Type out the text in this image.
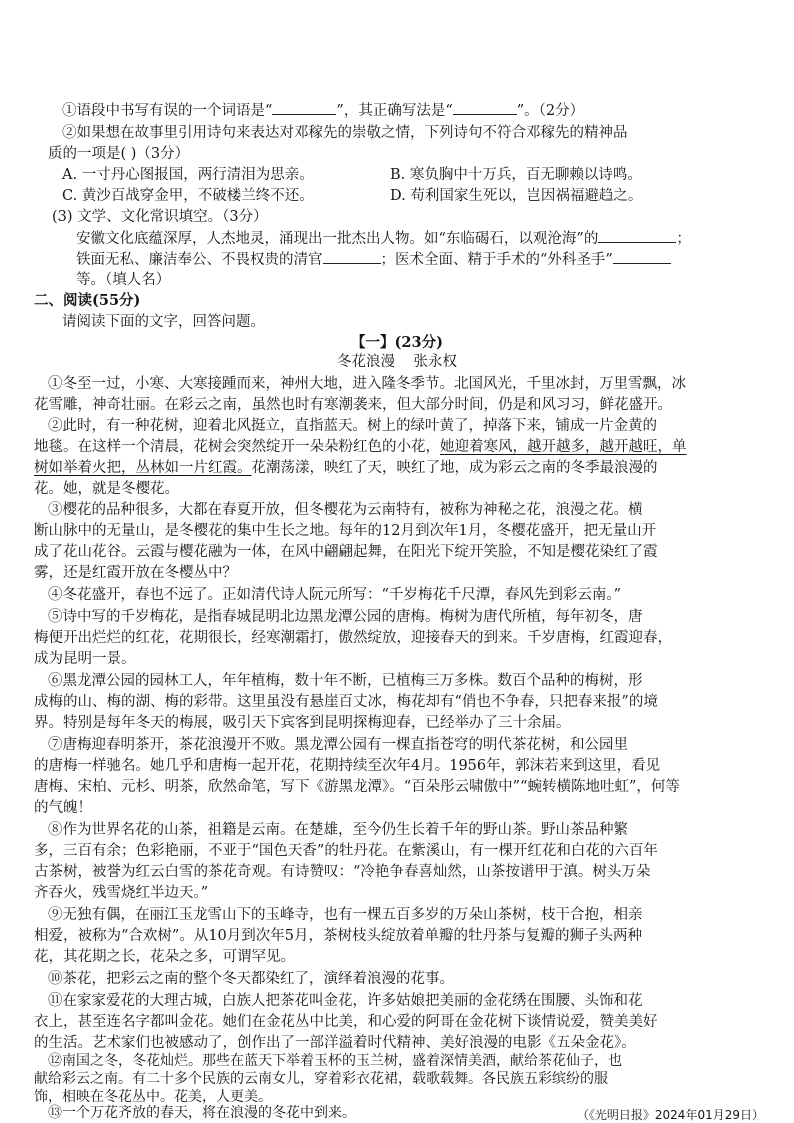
①语段中书写有误的一个词语是“	”，其正确写法是“	”。（2分）
②如果想在故事里引用诗句来表达对邓稼先的崇敬之情，下列诗句不符合邓稼先的精神品
质的一项是( )（3分）
A. 一寸丹心图报国，两行清泪为思亲。	B. 寒负胸中十万兵，百无聊赖以诗鸣。
C. 黄沙百战穿金甲，不破楼兰终不还。	D. 苟利国家生死以，岂因祸福避趋之。
(3) 文学、文化常识填空。（3分）
安徽文化底蕴深厚，人杰地灵，涌现出一批杰出人物。如“东临碣石，以观沧海”的	；
铁面无私、廉洁奉公、不畏权贵的清官	；医术全面、精于手术的“外科圣手”
等。（填人名）
二、阅读(55分)
请阅读下面的文字，回答问题。
【一】(23分)
冬花浪漫 张永权
①冬至一过，小寒、大寒接踵而来，神州大地，进入隆冬季节。北国风光，千里冰封，万里雪飘，冰
花雪雕，神奇壮丽。在彩云之南，虽然也时有寒潮袭来，但大部分时间，仍是和风习习，鲜花盛开。
②此时，有一种花树，迎着北风挺立，直指蓝天。树上的绿叶黄了，掉落下来，铺成一片金黄的
地毯。在这样一个清晨，花树会突然绽开一朵朵粉红色的小花，她迎着寒风，越开越多，越开越旺，单
树如举着火把，丛林如一片红霞。花潮荡漾，映红了天，映红了地，成为彩云之南的冬季最浪漫的
花。她，就是冬樱花。
③樱花的品种很多，大都在春夏开放，但冬樱花为云南特有，被称为神秘之花，浪漫之花。横
断山脉中的无量山，是冬樱花的集中生长之地。每年的12月到次年1月，冬樱花盛开，把无量山开
成了花山花谷。云霞与樱花融为一体，在风中翩翩起舞，在阳光下绽开笑脸，不知是樱花染红了霞
雾，还是红霞开放在冬樱丛中？
④冬花盛开，春也不远了。正如清代诗人阮元所写：“千岁梅花千尺潭，春风先到彩云南。”
⑤诗中写的千岁梅花，是指春城昆明北边黑龙潭公园的唐梅。梅树为唐代所植，每年初冬，唐
梅便开出烂烂的红花，花期很长，经寒潮霜打，傲然绽放，迎接春天的到来。千岁唐梅，红霞迎春，
成为昆明一景。
⑥黑龙潭公园的园林工人，年年植梅，数十年不断，已植梅三万多株。数百个品种的梅树，形
成梅的山、梅的湖、梅的彩带。这里虽没有悬崖百丈冰，梅花却有“俏也不争春，只把春来报”的境
界。特别是每年冬天的梅展，吸引天下宾客到昆明探梅迎春，已经举办了三十余届。
⑦唐梅迎春明茶开，茶花浪漫开不败。黑龙潭公园有一棵直指苍穹的明代茶花树，和公园里
的唐梅一样驰名。她几乎和唐梅一起开花，花期持续至次年4月。1956年，郭沫若来到这里，看见
唐梅、宋柏、元杉、明茶，欣然命笔，写下《游黑龙潭》。“百朵彤云啸傲中”“蜿转横陈地吐虹”，何等
的气魄！
⑧作为世界名花的山茶，祖籍是云南。在楚雄，至今仍生长着千年的野山茶。野山茶品种繁
多，三百有余；色彩艳丽，不亚于“国色天香”的牡丹花。在紫溪山，有一棵开红花和白花的六百年
古茶树，被誉为红云白雪的茶花奇观。有诗赞叹：“冷艳争春喜灿然，山茶按谱甲于滇。树头万朵
齐吞火，残雪烧红半边天。”
⑨无独有偶，在丽江玉龙雪山下的玉峰寺，也有一棵五百多岁的万朵山茶树，枝干合抱，相亲
相爱，被称为“合欢树”。从10月到次年5月，茶树枝头绽放着单瓣的牡丹茶与复瓣的狮子头两种
花，其花期之长，花朵之多，可谓罕见。
⑩茶花，把彩云之南的整个冬天都染红了，演绎着浪漫的花事。
⑪在家家爱花的大理古城，白族人把茶花叫金花，许多姑娘把美丽的金花绣在围腰、头饰和花
衣上，甚至连名字都叫金花。她们在金花丛中比美，和心爱的阿哥在金花树下谈情说爱，赞美美好
的生活。艺术家们也被感动了，创作出了一部洋溢着时代精神、美好浪漫的电影《五朵金花》。
⑫南国之冬，冬花灿烂。那些在蓝天下举着玉杯的玉兰树，盛着深情美酒，献给茶花仙子，也
献给彩云之南。有二十多个民族的云南女儿，穿着彩衣花裙，载歌载舞。各民族五彩缤纷的服
饰，相映在冬花丛中。花美，人更美。
⑬一个万花齐放的春天，将在浪漫的冬花中到来。	（《光明日报》2024年01月29日）
